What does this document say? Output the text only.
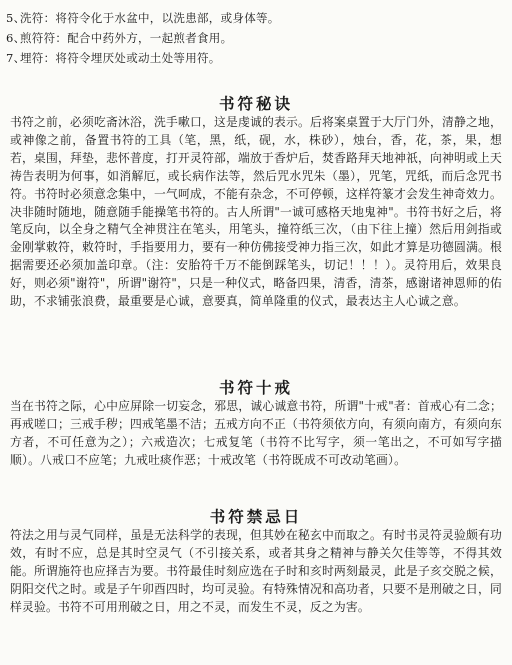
5、洗符：将符令化于水盆中，以洗患部，或身体等。
6、煎符符：配合中药外方，一起煎者食用。
7、埋符：将符令埋厌处或动土处等用符。
书符秘诀
书符之前，必须吃斋沐浴，洗手嗽口，这是虔诚的表示。后将案桌置于大厅门外，清静之地，或神像之前，备置书符的工具（笔，黑，纸，砚，水，株砂），烛台，香，花，茶，果，想若，桌围，拜垫，悲怀普度，打开灵符部，端放于香炉后，焚香路拜天地神祇，向神明或上天祷告表明为何事，如消解厄，或长病作法等，然后咒水咒朱（墨），咒笔，咒纸，而后念咒书符。书符时必须意念集中，一气呵成，不能有杂念，不可停顿，这样符篆才会发生神奇效力。决非随时随地，随意随手能操笔书符的。古人所谓"一诚可感格天地鬼神"。书符书好之后，将笔反向，以全身之精气全神贯注在笔头，用笔头，撞符纸三次，（由下往上撞）然后用剑指或金刚掌敕符，敕符时，手指要用力，要有一种仿佛接受神力指三次，如此才算是功德圆满。根据需要还必须加盖印章。（注：安胎符千万不能倒踩笔头，切记！！！）。灵符用后，效果良好，则必须"谢符"，所谓"谢符"，只是一种仪式，略备四果，清香，清茶，感谢诸神恩师的佑助，不求铺张浪费，最重要是心诚，意要真，简单隆重的仪式，最表达主人心诚之意。
书符十戒
当在书符之际，心中应屏除一切妄念，邪思，诚心诚意书符，所谓"十戒"者：首戒心有二念；再戒嗟口；三戒手秽；四戒笔墨不洁；五戒方向不正（书符须依方向，有须向南方，有须向东方者，不可任意为之）；六戒造次；七戒复笔（书符不比写字，须一笔出之，不可如写字描顺）。八戒口不应笔；九戒吐痰作恶；十戒改笔（书符既成不可改动笔画）。
书符禁忌日
符法之用与灵气同样，虽是无法科学的表现，但其妙在秘玄中而取之。有时书灵符灵验颇有功效，有时不应，总是其时空灵气（不引接关系，或者其身之精神与静关欠佳等等，不得其效能。所谓施符也应择吉为要。书符最佳时刻应选在子时和亥时两刻最灵，此是子亥交脱之候，阴阳交代之时。或是子午卯酉四时，均可灵验。有特殊情况和高功者，只要不是刑破之日，同样灵验。书符不可用刑破之日，用之不灵，而发生不灵，反之为害。
